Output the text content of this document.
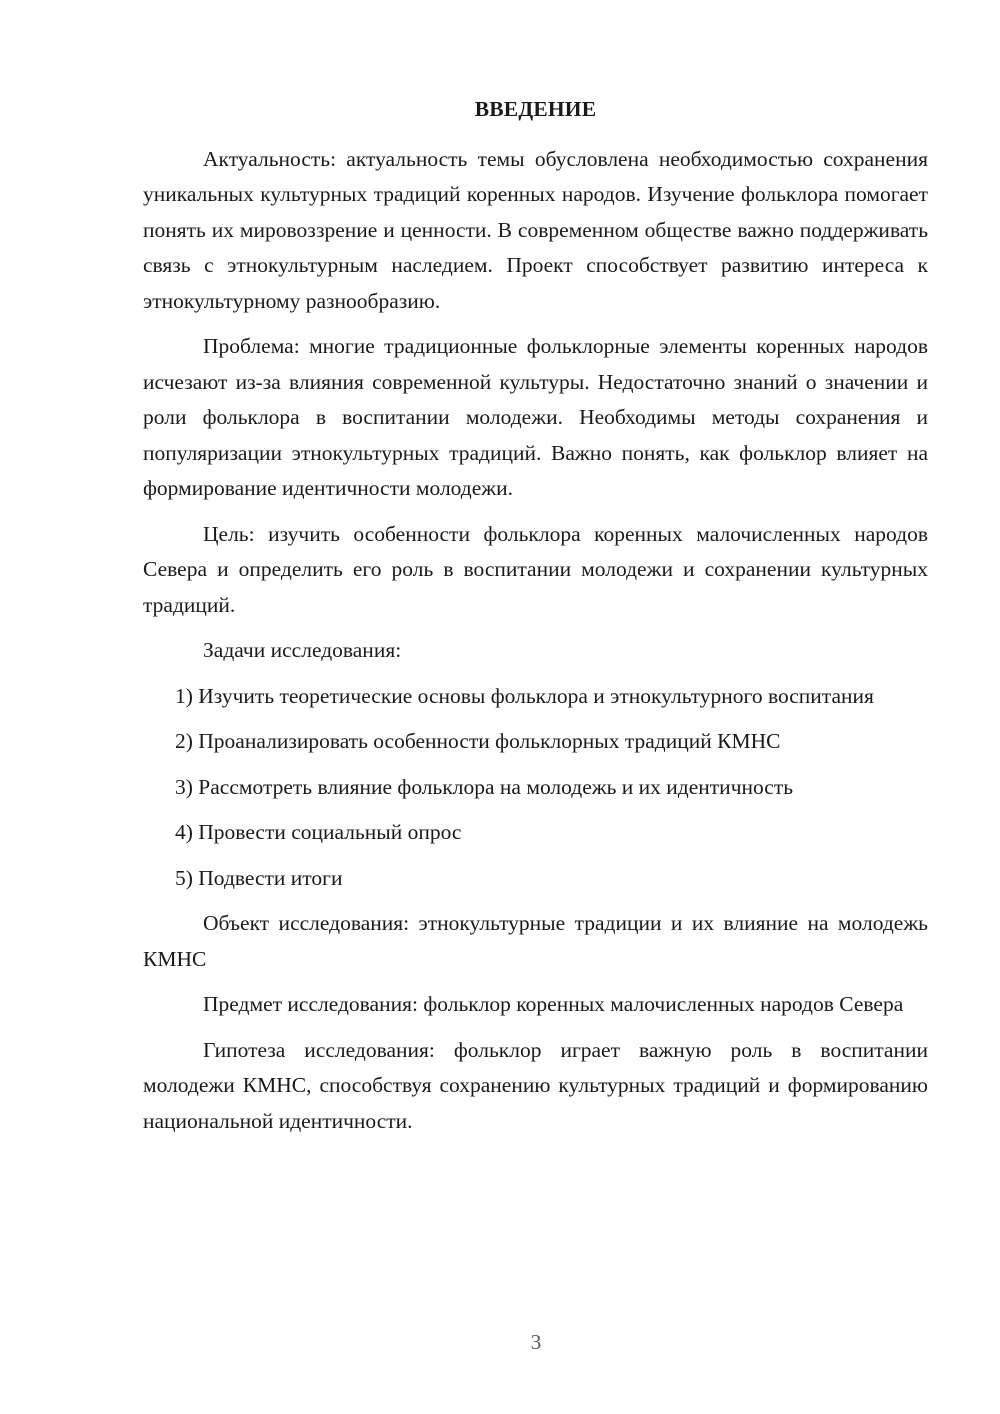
ВВЕДЕНИЕ

Актуальность: актуальность темы обусловлена необходимостью сохранения уникальных культурных традиций коренных народов. Изучение фольклора помогает понять их мировоззрение и ценности. В современном обществе важно поддерживать связь с этнокультурным наследием. Проект способствует развитию интереса к этнокультурному разнообразию.

Проблема: многие традиционные фольклорные элементы коренных народов исчезают из-за влияния современной культуры. Недостаточно знаний о значении и роли фольклора в воспитании молодежи. Необходимы методы сохранения и популяризации этнокультурных традиций. Важно понять, как фольклор влияет на формирование идентичности молодежи.

Цель: изучить особенности фольклора коренных малочисленных народов Севера и определить его роль в воспитании молодежи и сохранении культурных традиций.

Задачи исследования:

1) Изучить теоретические основы фольклора и этнокультурного воспитания

2) Проанализировать особенности фольклорных традиций КМНС

3) Рассмотреть влияние фольклора на молодежь и их идентичность

4) Провести социальный опрос

5) Подвести итоги

Объект исследования: этнокультурные традиции и их влияние на молодежь КМНС

Предмет исследования: фольклор коренных малочисленных народов Севера

Гипотеза исследования: фольклор играет важную роль в воспитании молодежи КМНС, способствуя сохранению культурных традиций и формированию национальной идентичности.

3
